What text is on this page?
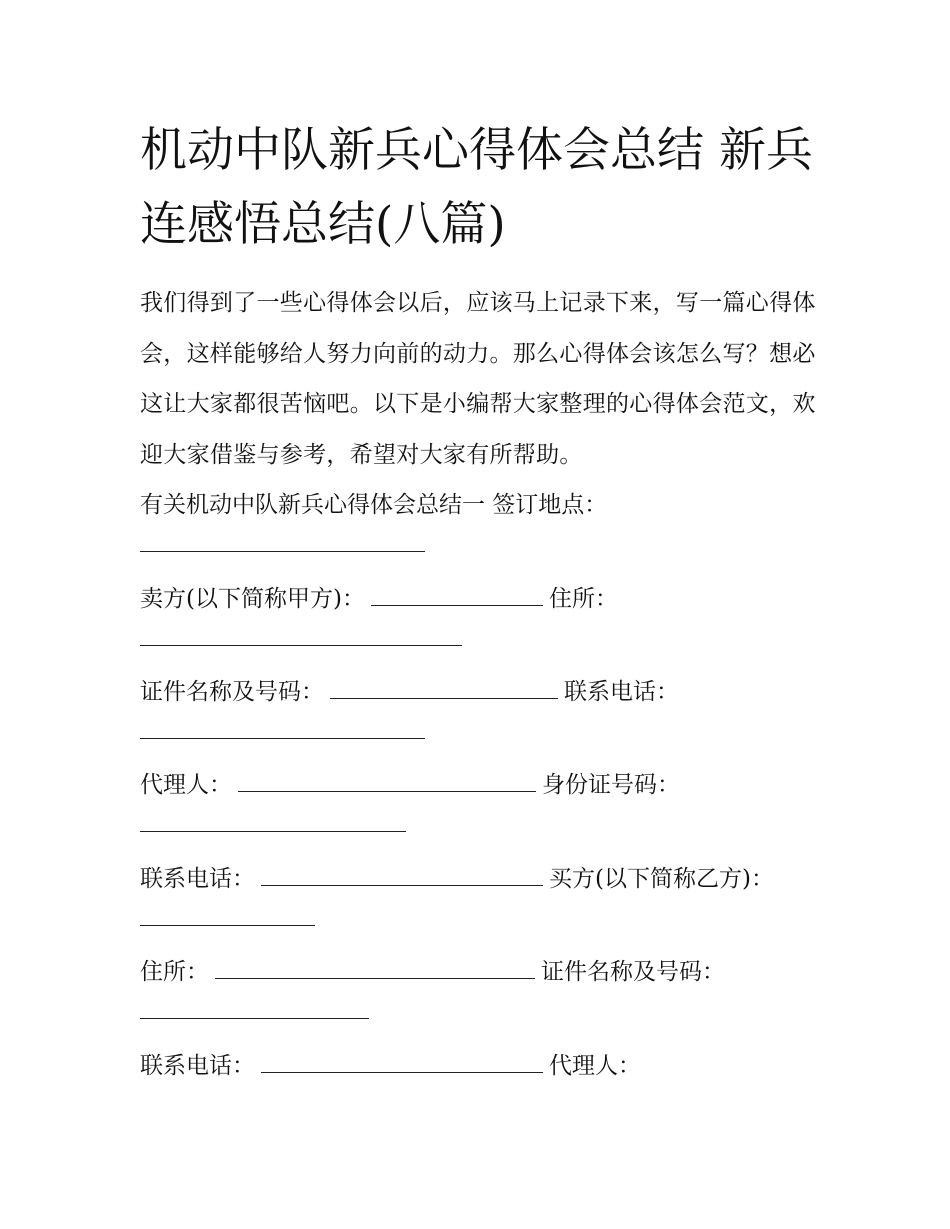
机动中队新兵心得体会总结 新兵连感悟总结(八篇)

我们得到了一些心得体会以后，应该马上记录下来，写一篇心得体会，这样能够给人努力向前的动力。那么心得体会该怎么写？想必这让大家都很苦恼吧。以下是小编帮大家整理的心得体会范文，欢迎大家借鉴与参考，希望对大家有所帮助。

有关机动中队新兵心得体会总结一 签订地点：

卖方(以下简称甲方)：	住所：

证件名称及号码：	联系电话：

代理人：	身份证号码：

联系电话：	买方(以下简称乙方)：

住所：	证件名称及号码：

联系电话：	代理人：
